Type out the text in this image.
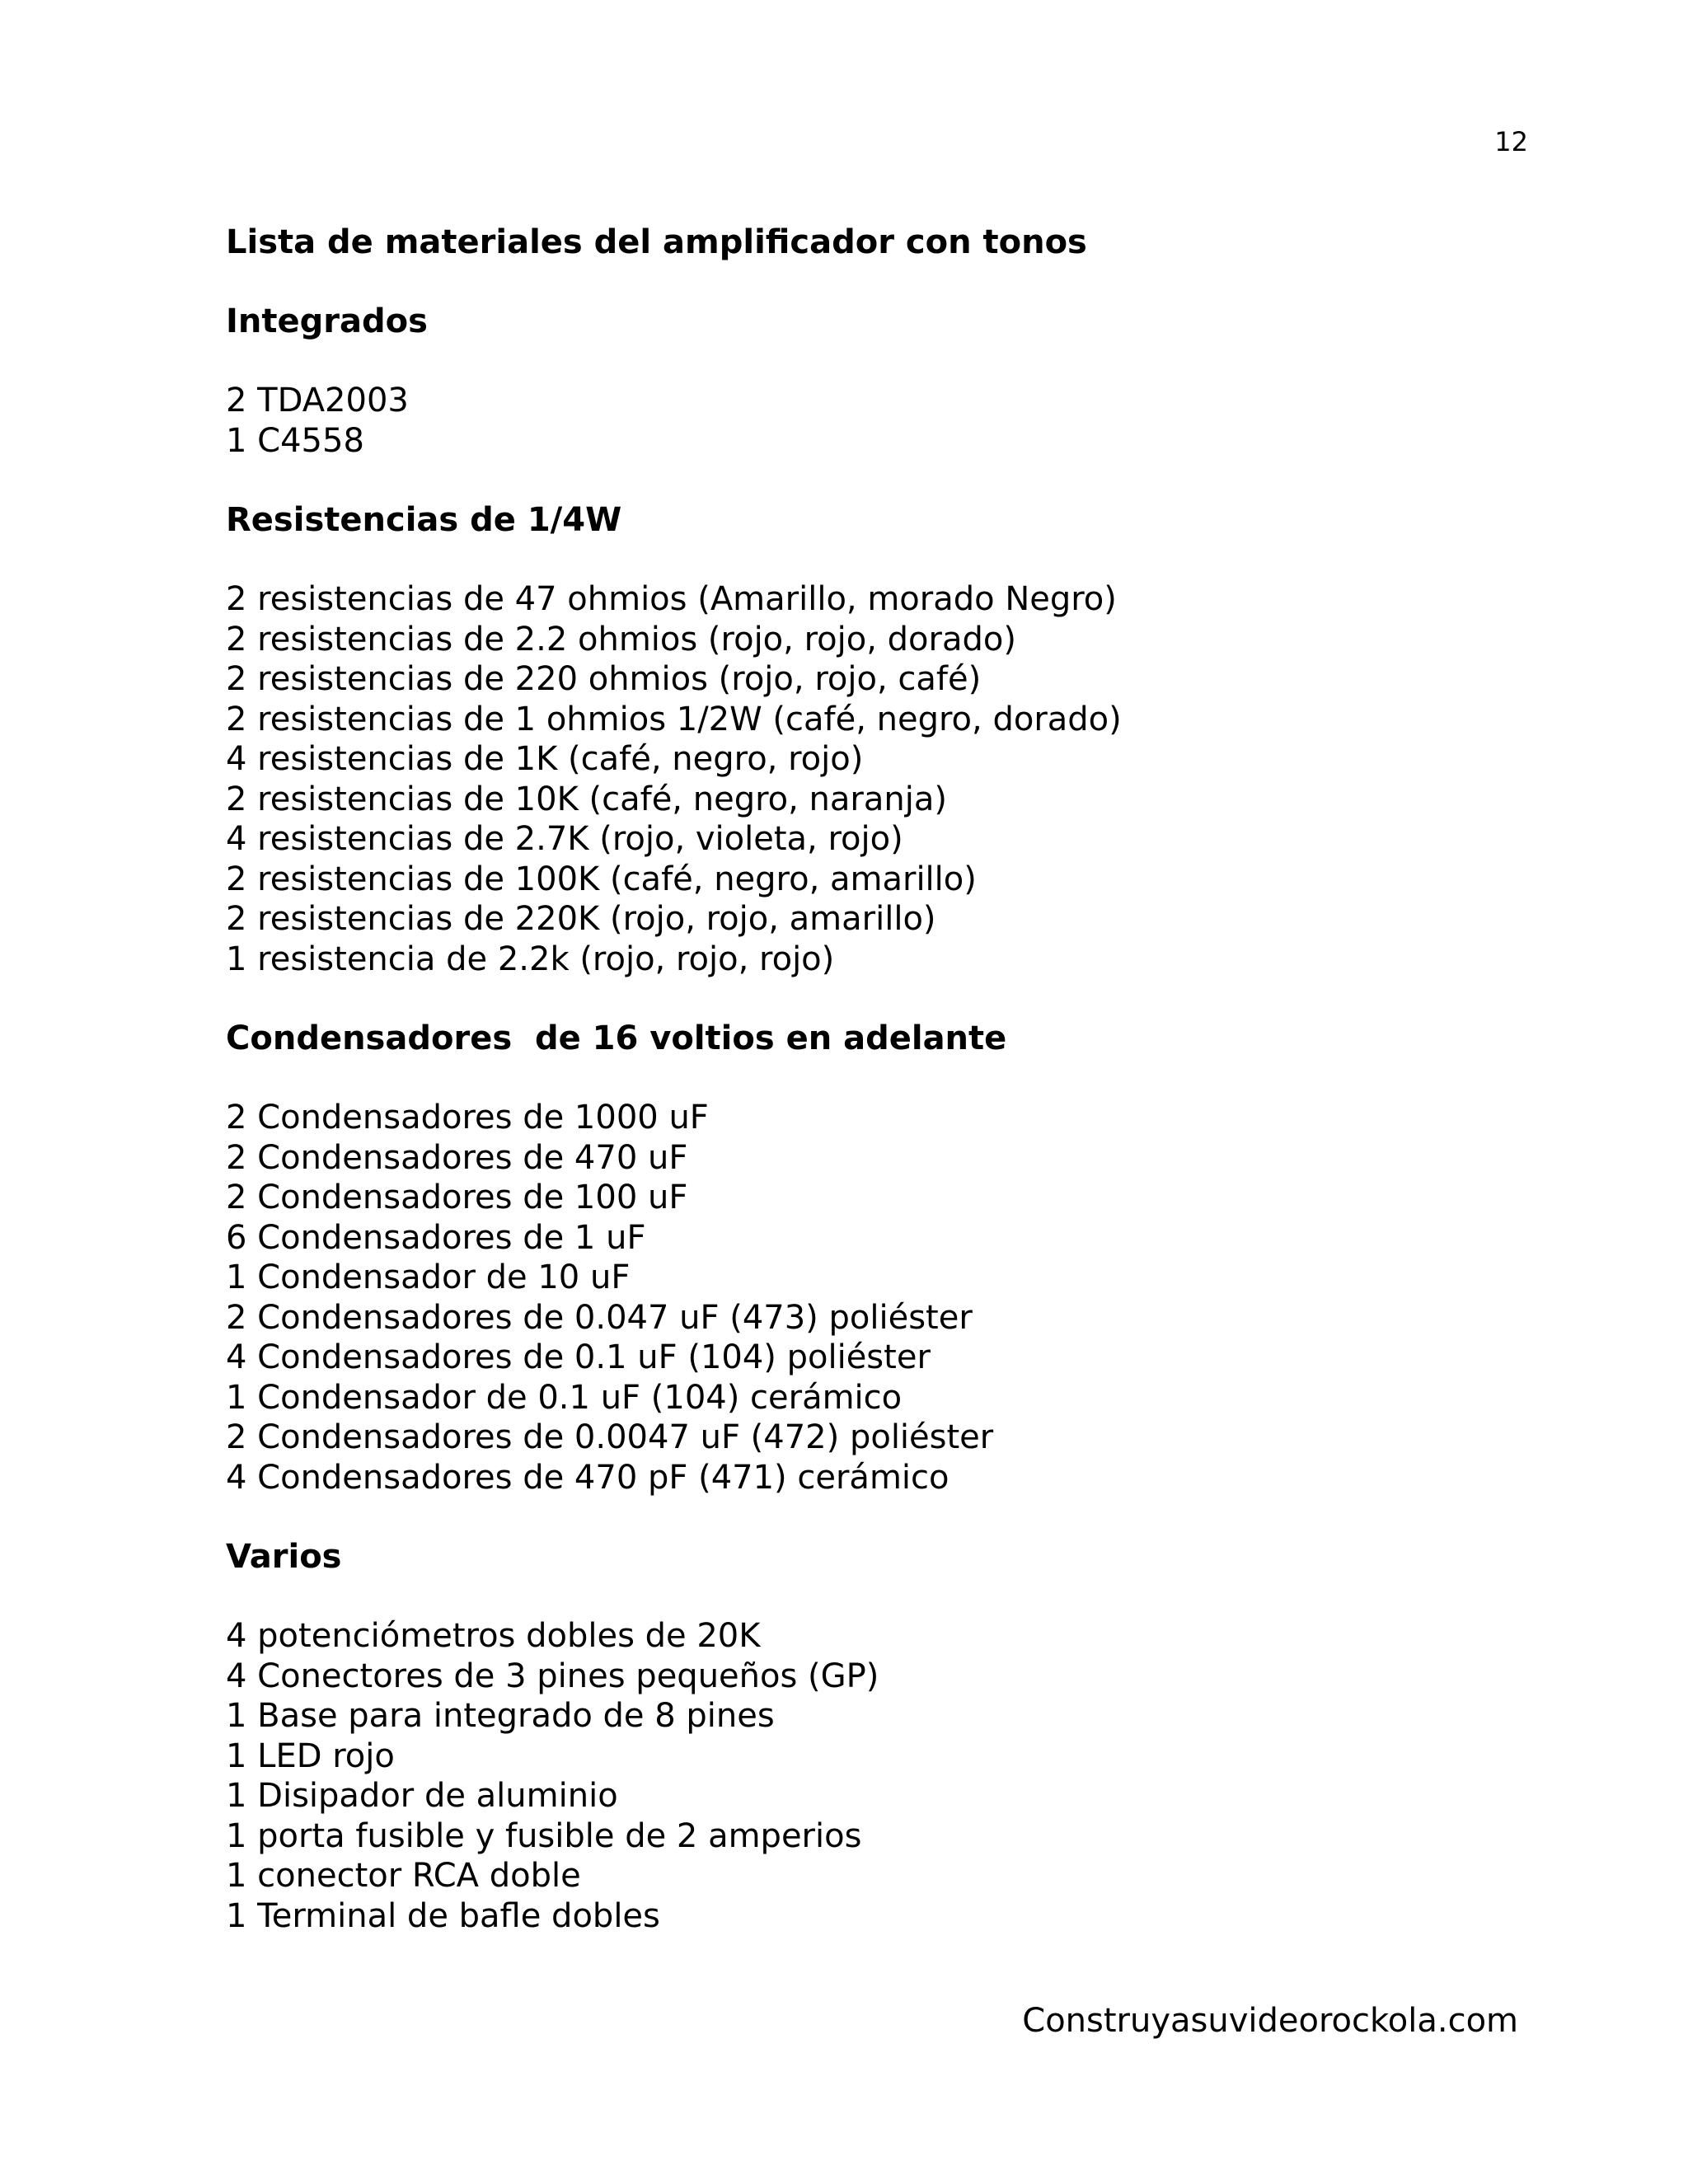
12
Lista de materiales del amplificador con tonos
Integrados
2 TDA2003
1 C4558
Resistencias de 1/4W
2 resistencias de 47 ohmios (Amarillo, morado Negro)
2 resistencias de 2.2 ohmios (rojo, rojo, dorado)
2 resistencias de 220 ohmios (rojo, rojo, café)
2 resistencias de 1 ohmios 1/2W (café, negro, dorado)
4 resistencias de 1K (café, negro, rojo)
2 resistencias de 10K (café, negro, naranja)
4 resistencias de 2.7K (rojo, violeta, rojo)
2 resistencias de 100K (café, negro, amarillo)
2 resistencias de 220K (rojo, rojo, amarillo)
1 resistencia de 2.2k (rojo, rojo, rojo)
Condensadores  de 16 voltios en adelante
2 Condensadores de 1000 uF
2 Condensadores de 470 uF
2 Condensadores de 100 uF
6 Condensadores de 1 uF
1 Condensador de 10 uF
2 Condensadores de 0.047 uF (473) poliéster
4 Condensadores de 0.1 uF (104) poliéster
1 Condensador de 0.1 uF (104) cerámico
2 Condensadores de 0.0047 uF (472) poliéster
4 Condensadores de 470 pF (471) cerámico
Varios
4 potenciómetros dobles de 20K
4 Conectores de 3 pines pequeños (GP)
1 Base para integrado de 8 pines
1 LED rojo
1 Disipador de aluminio
1 porta fusible y fusible de 2 amperios
1 conector RCA doble
1 Terminal de bafle dobles
Construyasuvideorockola.com
